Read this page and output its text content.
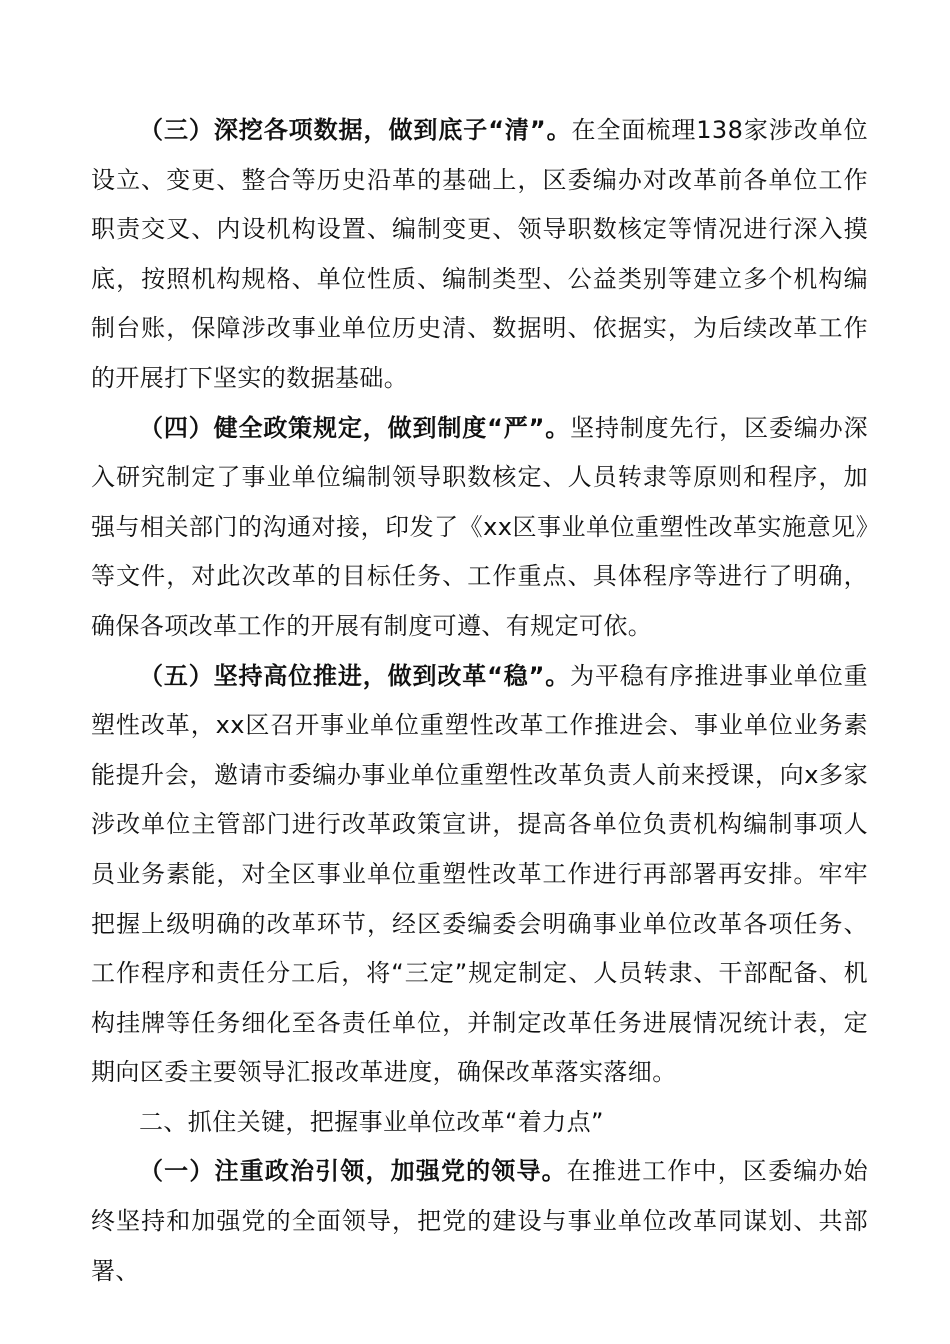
（三）深挖各项数据，做到底子“清”。在全面梳理138家涉改单位设立、变更、整合等历史沿革的基础上，区委编办对改革前各单位工作职责交叉、内设机构设置、编制变更、领导职数核定等情况进行深入摸底，按照机构规格、单位性质、编制类型、公益类别等建立多个机构编制台账，保障涉改事业单位历史清、数据明、依据实，为后续改革工作的开展打下坚实的数据基础。

（四）健全政策规定，做到制度“严”。坚持制度先行，区委编办深入研究制定了事业单位编制领导职数核定、人员转隶等原则和程序，加强与相关部门的沟通对接，印发了《xx区事业单位重塑性改革实施意见》等文件，对此次改革的目标任务、工作重点、具体程序等进行了明确，确保各项改革工作的开展有制度可遵、有规定可依。

（五）坚持高位推进，做到改革“稳”。为平稳有序推进事业单位重塑性改革，xx区召开事业单位重塑性改革工作推进会、事业单位业务素能提升会，邀请市委编办事业单位重塑性改革负责人前来授课，向x多家涉改单位主管部门进行改革政策宣讲，提高各单位负责机构编制事项人员业务素能，对全区事业单位重塑性改革工作进行再部署再安排。牢牢把握上级明确的改革环节，经区委编委会明确事业单位改革各项任务、工作程序和责任分工后，将“三定”规定制定、人员转隶、干部配备、机构挂牌等任务细化至各责任单位，并制定改革任务进展情况统计表，定期向区委主要领导汇报改革进度，确保改革落实落细。

二、抓住关键，把握事业单位改革“着力点”

（一）注重政治引领，加强党的领导。在推进工作中，区委编办始终坚持和加强党的全面领导，把党的建设与事业单位改革同谋划、共部署、
